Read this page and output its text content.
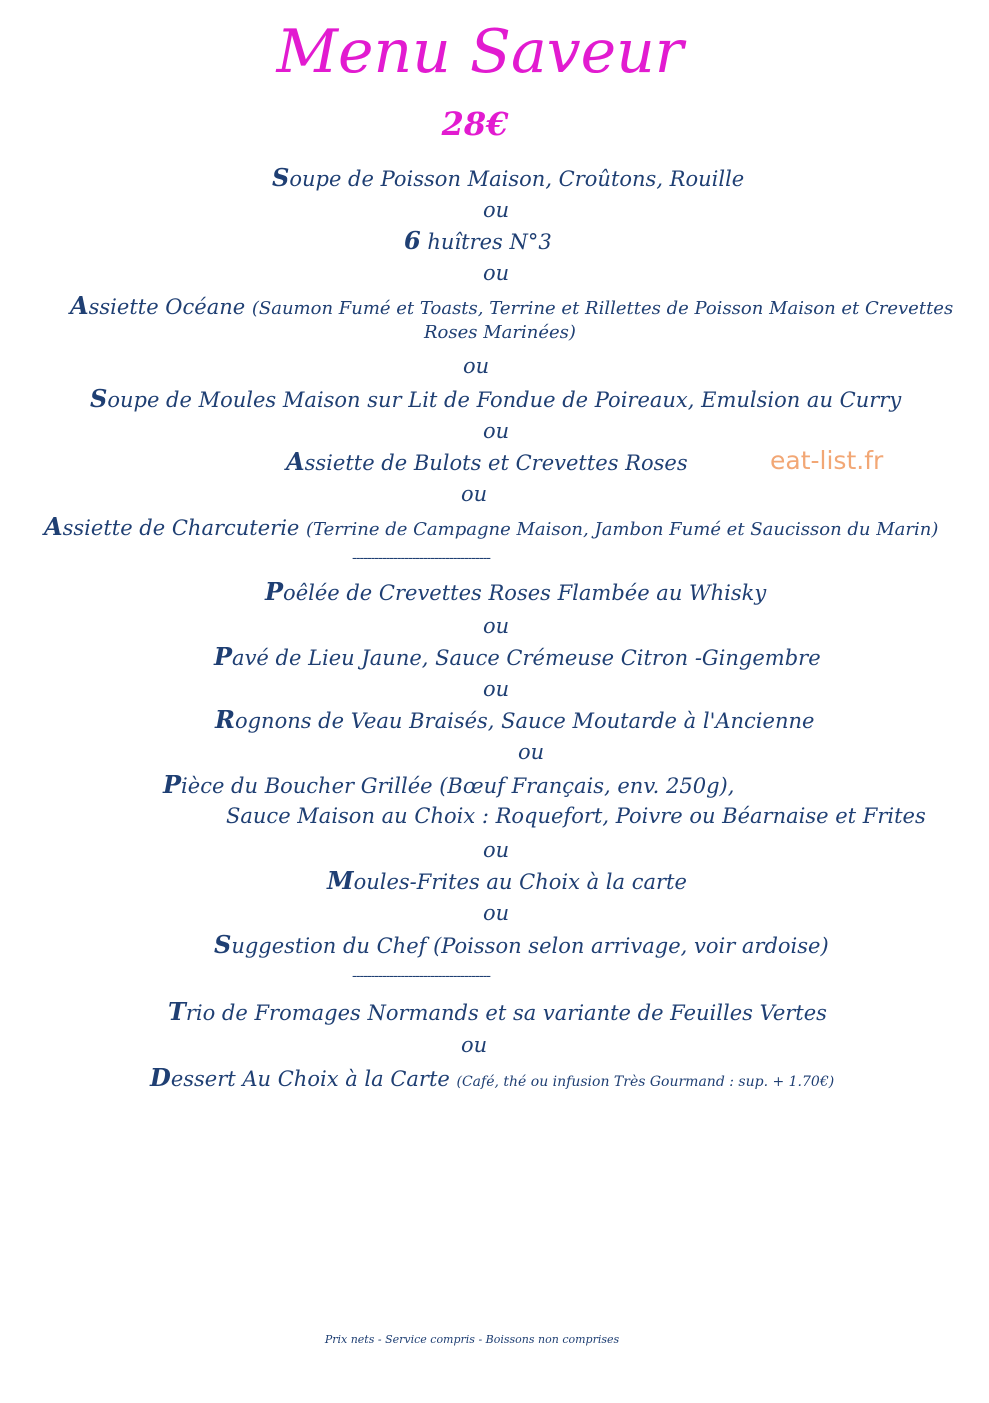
Menu Saveur
28€
Soupe de Poisson Maison, Croûtons, Rouille
ou
6 huîtres N°3
ou
Assiette Océane (Saumon Fumé et Toasts, Terrine et Rillettes de Poisson Maison et Crevettes
Roses Marinées)
ou
Soupe de Moules Maison sur Lit de Fondue de Poireaux, Emulsion au Curry
ou
Assiette de Bulots et Crevettes Roses	eat-list.fr
ou
Assiette de Charcuterie (Terrine de Campagne Maison, Jambon Fumé et Saucisson du Marin)
-------------------------------------
Poêlée de Crevettes Roses Flambée au Whisky
ou
Pavé de Lieu Jaune, Sauce Crémeuse Citron -Gingembre
ou
Rognons de Veau Braisés, Sauce Moutarde à l'Ancienne
ou
Pièce du Boucher Grillée (Bœuf Français, env. 250g),
Sauce Maison au Choix : Roquefort, Poivre ou Béarnaise et Frites
ou
Moules-Frites au Choix à la carte
ou
Suggestion du Chef (Poisson selon arrivage, voir ardoise)
-------------------------------------
Trio de Fromages Normands et sa variante de Feuilles Vertes
ou
Dessert Au Choix à la Carte (Café, thé ou infusion Très Gourmand : sup. + 1.70€)
Prix nets - Service compris - Boissons non comprises
